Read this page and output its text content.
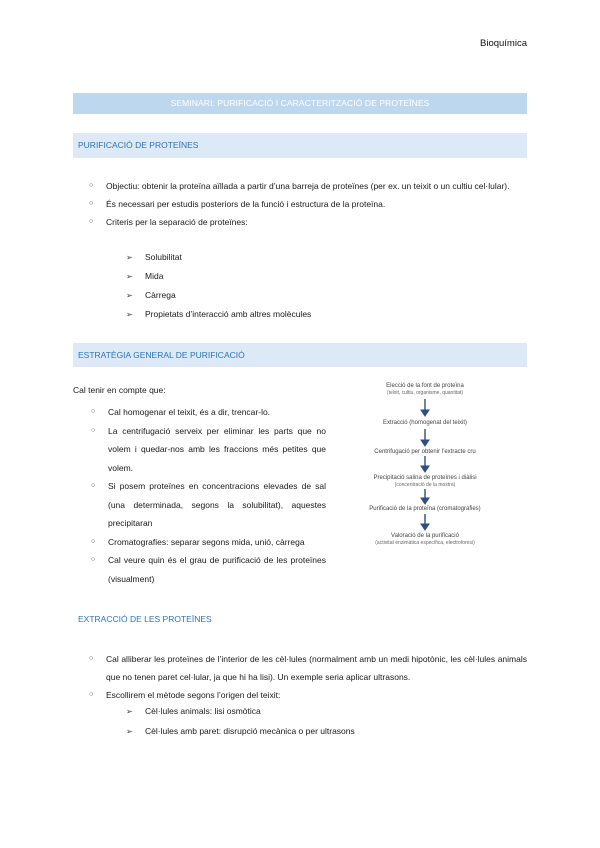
Bioquímica
SEMINARI: PURIFICACIÓ I CARACTERITZACIÓ DE PROTEÏNES
PURIFICACIÓ DE PROTEÏNES
○ Objectiu: obtenir la proteïna aïllada a partir d’una barreja de proteïnes (per ex. un teixit o un cultiu cel·lular).
○ És necessari per estudis posteriors de la funció i estructura de la proteïna.
○ Criteris per la separació de proteïnes:
➢ Solubilitat
➢ Mida
➢ Càrrega
➢ Propietats d’interacció amb altres molècules
ESTRATÈGIA GENERAL DE PURIFICACIÓ
Cal tenir en compte que:
○ Cal homogenar el teixit, és a dir, trencar-lo.
○ La centrifugació serveix per eliminar les parts que no volem i quedar-nos amb les fraccions més petites que volem.
○ Si posem proteïnes en concentracions elevades de sal (una determinada, segons la solubilitat), aquestes precipitaran
○ Cromatografies: separar segons mida, unió, càrrega
○ Cal veure quin és el grau de purificació de les proteïnes (visualment)
Elecció de la font de proteïna
(teixit, cultiu, organisme, quantitat)
Extracció (homogenat del teixit)
Centrifugació per obtenir l’extracte cru
Precipitació salina de proteïnes i diàlisi
(concentració de la mostra)
Purificació de la proteïna (cromatografies)
Valoració de la purificació
(activitat enzimàtica específica, electroforesi)
EXTRACCIÓ DE LES PROTEÏNES
○ Cal alliberar les proteïnes de l’interior de les cèl·lules (normalment amb un medi hipotònic, les cèl·lules animals que no tenen paret cel·lular, ja que hi ha lisi). Un exemple seria aplicar ultrasons.
○ Escollirem el mètode segons l’origen del teixit:
➢ Cèl·lules animals: lisi osmòtica
➢ Cèl·lules amb paret: disrupció mecànica o per ultrasons
